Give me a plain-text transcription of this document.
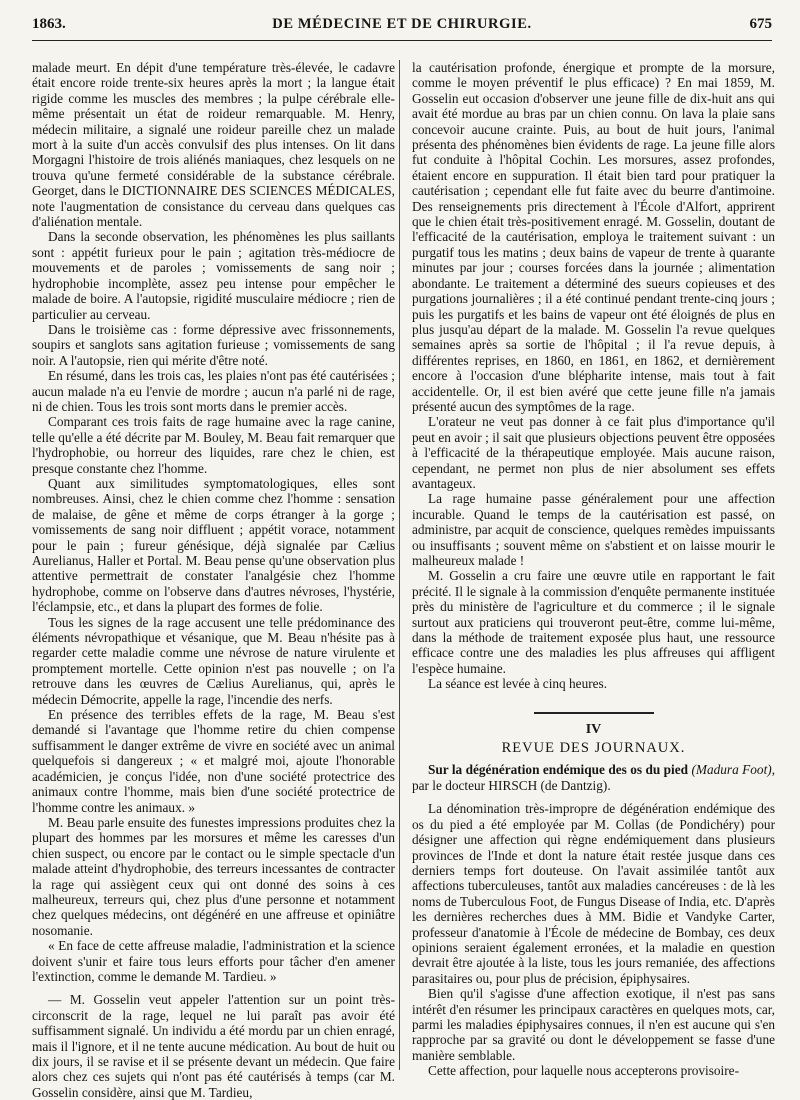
1863.	DE MÉDECINE ET DE CHIRURGIE.	675

malade meurt. En dépit d'une température très-élevée, le cadavre était encore roide trente-six heures après la mort ; la langue était rigide comme les muscles des membres ; la pulpe cérébrale elle-même présentait un état de roideur remarquable. M. Henry, médecin militaire, a signalé une roideur pareille chez un malade mort à la suite d'un accès convulsif des plus intenses. On lit dans Morgagni l'histoire de trois aliénés maniaques, chez lesquels on ne trouva qu'une fermeté considérable de la substance cérébrale. Georget, dans le DICTIONNAIRE DES SCIENCES MÉDICALES, note l'augmentation de consistance du cerveau dans quelques cas d'aliénation mentale.

Dans la seconde observation, les phénomènes les plus saillants sont : appétit furieux pour le pain ; agitation très-médiocre de mouvements et de paroles ; vomissements de sang noir ; hydrophobie incomplète, assez peu intense pour empêcher le malade de boire. A l'autopsie, rigidité musculaire médiocre ; rien de particulier au cerveau.

Dans le troisième cas : forme dépressive avec frissonnements, soupirs et sanglots sans agitation furieuse ; vomissements de sang noir. A l'autopsie, rien qui mérite d'être noté.

En résumé, dans les trois cas, les plaies n'ont pas été cautérisées ; aucun malade n'a eu l'envie de mordre ; aucun n'a parlé ni de rage, ni de chien. Tous les trois sont morts dans le premier accès.

Comparant ces trois faits de rage humaine avec la rage canine, telle qu'elle a été décrite par M. Bouley, M. Beau fait remarquer que l'hydrophobie, ou horreur des liquides, rare chez le chien, est presque constante chez l'homme.

Quant aux similitudes symptomatologiques, elles sont nombreuses. Ainsi, chez le chien comme chez l'homme : sensation de malaise, de gêne et même de corps étranger à la gorge ; vomissements de sang noir diffluent ; appétit vorace, notamment pour le pain ; fureur génésique, déjà signalée par Cælius Aurelianus, Haller et Portal. M. Beau pense qu'une observation plus attentive permettrait de constater l'analgésie chez l'homme hydrophobe, comme on l'observe dans d'autres névroses, l'hystérie, l'éclampsie, etc., et dans la plupart des formes de folie.

Tous les signes de la rage accusent une telle prédominance des éléments névropathique et vésanique, que M. Beau n'hésite pas à regarder cette maladie comme une névrose de nature virulente et promptement mortelle. Cette opinion n'est pas nouvelle ; on l'a retrouve dans les œuvres de Cælius Aurelianus, qui, après le médecin Démocrite, appelle la rage, l'incendie des nerfs.

En présence des terribles effets de la rage, M. Beau s'est demandé si l'avantage que l'homme retire du chien compense suffisamment le danger extrême de vivre en société avec un animal quelquefois si dangereux ; « et malgré moi, ajoute l'honorable académicien, je conçus l'idée, non d'une société protectrice des animaux contre l'homme, mais bien d'une société protectrice de l'homme contre les animaux. »

M. Beau parle ensuite des funestes impressions produites chez la plupart des hommes par les morsures et même les caresses d'un chien suspect, ou encore par le contact ou le simple spectacle d'un malade atteint d'hydrophobie, des terreurs incessantes de contracter la rage qui assiègent ceux qui ont donné des soins à ces malheureux, terreurs qui, chez plus d'une personne et notamment chez quelques médecins, ont dégénéré en une affreuse et opiniâtre nosomanie.

« En face de cette affreuse maladie, l'administration et la science doivent s'unir et faire tous leurs efforts pour tâcher d'en amener l'extinction, comme le demande M. Tardieu. »

— M. Gosselin veut appeler l'attention sur un point très-circonscrit de la rage, lequel ne lui paraît pas avoir été suffisamment signalé. Un individu a été mordu par un chien enragé, mais il l'ignore, et il ne tente aucune médication. Au bout de huit ou dix jours, il se ravise et il se présente devant un médecin. Que faire alors chez ces sujets qui n'ont pas été cautérisés à temps (car M. Gosselin considère, ainsi que M. Tardieu,

la cautérisation profonde, énergique et prompte de la morsure, comme le moyen préventif le plus efficace) ? En mai 1859, M. Gosselin eut occasion d'observer une jeune fille de dix-huit ans qui avait été mordue au bras par un chien connu. On lava la plaie sans concevoir aucune crainte. Puis, au bout de huit jours, l'animal présenta des phénomènes bien évidents de rage. La jeune fille alors fut conduite à l'hôpital Cochin. Les morsures, assez profondes, étaient encore en suppuration. Il était bien tard pour pratiquer la cautérisation ; cependant elle fut faite avec du beurre d'antimoine. Des renseignements pris directement à l'École d'Alfort, apprirent que le chien était très-positivement enragé. M. Gosselin, doutant de l'efficacité de la cautérisation, employa le traitement suivant : un purgatif tous les matins ; deux bains de vapeur de trente à quarante minutes par jour ; courses forcées dans la journée ; alimentation abondante. Le traitement a déterminé des sueurs copieuses et des purgations journalières ; il a été continué pendant trente-cinq jours ; puis les purgatifs et les bains de vapeur ont été éloignés de plus en plus jusqu'au départ de la malade. M. Gosselin l'a revue quelques semaines après sa sortie de l'hôpital ; il l'a revue depuis, à différentes reprises, en 1860, en 1861, en 1862, et dernièrement encore à l'occasion d'une blépharite intense, mais tout à fait accidentelle. Or, il est bien avéré que cette jeune fille n'a jamais présenté aucun des symptômes de la rage.

L'orateur ne veut pas donner à ce fait plus d'importance qu'il peut en avoir ; il sait que plusieurs objections peuvent être opposées à l'efficacité de la thérapeutique employée. Mais aucune raison, cependant, ne permet non plus de nier absolument ses effets avantageux.

La rage humaine passe généralement pour une affection incurable. Quand le temps de la cautérisation est passé, on administre, par acquit de conscience, quelques remèdes impuissants ou insuffisants ; souvent même on s'abstient et on laisse mourir le malheureux malade !

M. Gosselin a cru faire une œuvre utile en rapportant le fait précité. Il le signale à la commission d'enquête permanente instituée près du ministère de l'agriculture et du commerce ; il le signale surtout aux praticiens qui trouveront peut-être, comme lui-même, dans la méthode de traitement exposée plus haut, une ressource efficace contre une des maladies les plus affreuses qui affligent l'espèce humaine.

La séance est levée à cinq heures.

IV
REVUE DES JOURNAUX.

Sur la dégénération endémique des os du pied (Madura Foot), par le docteur HIRSCH (de Dantzig).

La dénomination très-impropre de dégénération endémique des os du pied a été employée par M. Collas (de Pondichéry) pour désigner une affection qui règne endémiquement dans plusieurs provinces de l'Inde et dont la nature était restée jusque dans ces derniers temps fort douteuse. On l'avait assimilée tantôt aux affections tuberculeuses, tantôt aux maladies cancéreuses : de là les noms de Tuberculous Foot, de Fungus Disease of India, etc. D'après les dernières recherches dues à MM. Bidie et Vandyke Carter, professeur d'anatomie à l'École de médecine de Bombay, ces deux opinions seraient également erronées, et la maladie en question devrait être ajoutée à la liste, tous les jours remaniée, des affections parasitaires ou, pour plus de précision, épiphysaires.

Bien qu'il s'agisse d'une affection exotique, il n'est pas sans intérêt d'en résumer les principaux caractères en quelques mots, car, parmi les maladies épiphysaires connues, il n'en est aucune qui s'en rapproche par sa gravité ou dont le développement se fasse d'une manière semblable.

Cette affection, pour laquelle nous accepterons provisoire-
